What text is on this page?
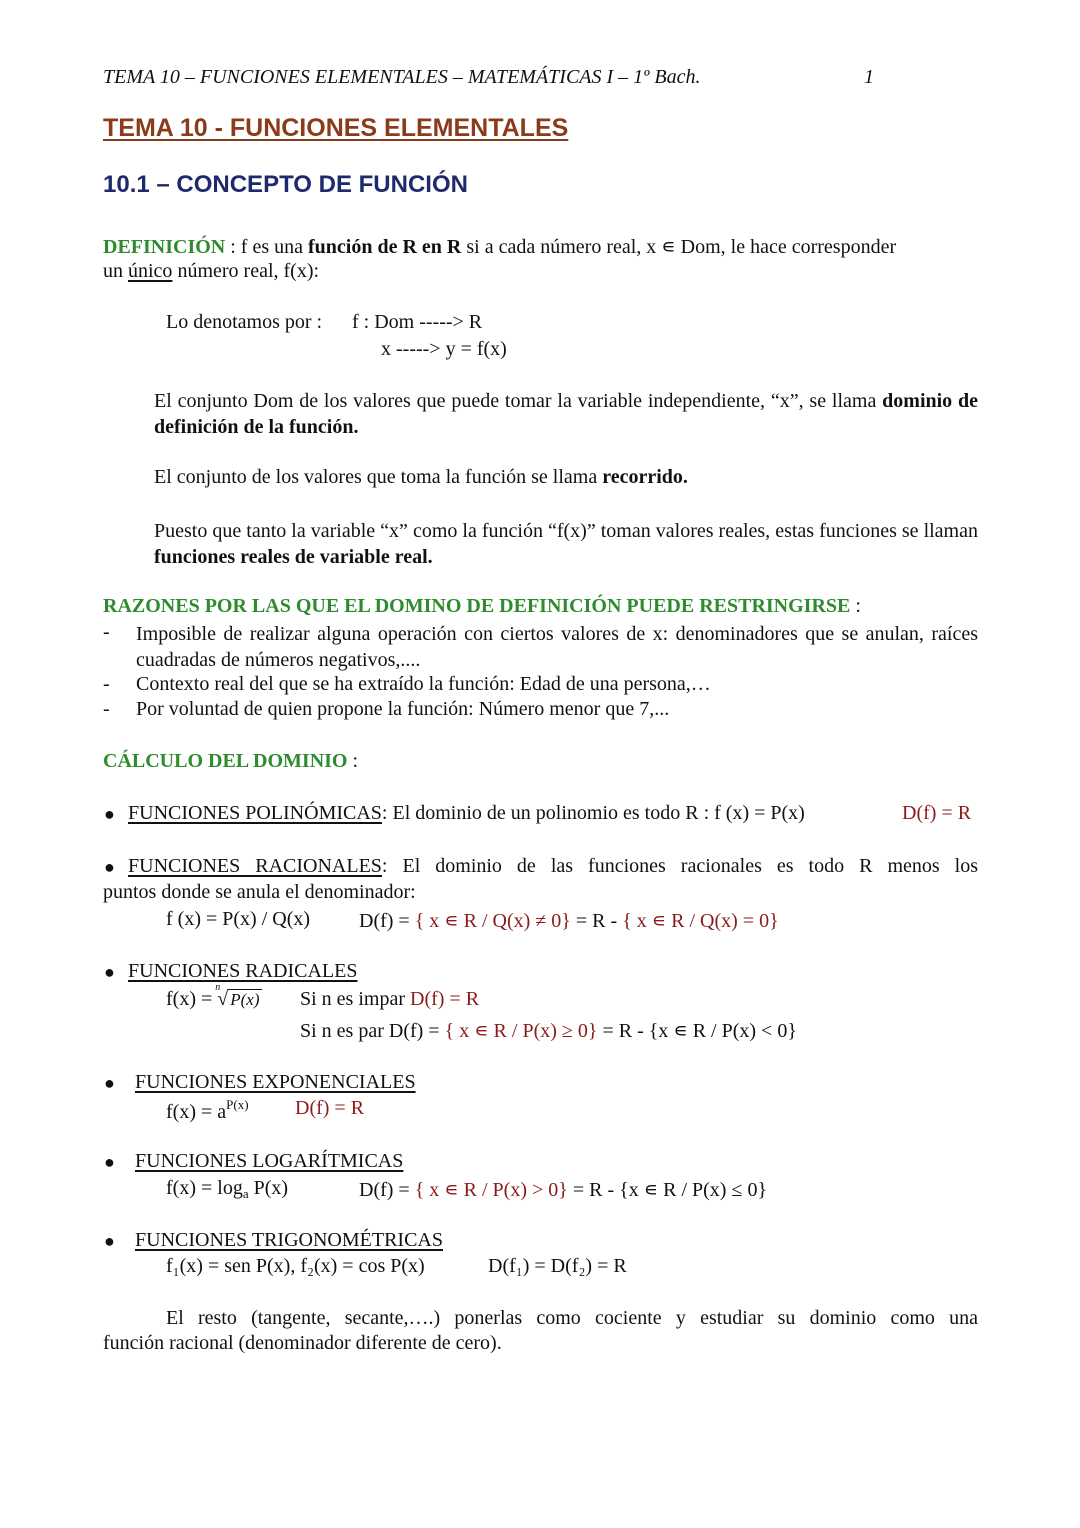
TEMA 10 – FUNCIONES ELEMENTALES – MATEMÁTICAS I – 1º Bach.	1
TEMA 10 - FUNCIONES ELEMENTALES
10.1 – CONCEPTO DE FUNCIÓN
DEFINICIÓN : f es una función de R en R si a cada número real, x ∊ Dom, le hace corresponder
un único número real, f(x):
Lo denotamos por : f : Dom -----> R
x -----> y = f(x)
El conjunto Dom de los valores que puede tomar la variable independiente, “x”, se llama dominio de definición de la función.
El conjunto de los valores que toma la función se llama recorrido.
Puesto que tanto la variable “x” como la función “f(x)” toman valores reales, estas funciones se llaman funciones reales de variable real.
RAZONES POR LAS QUE EL DOMINO DE DEFINICIÓN PUEDE RESTRINGIRSE :
- Imposible de realizar alguna operación con ciertos valores de x: denominadores que se anulan, raíces cuadradas de números negativos,....
- Contexto real del que se ha extraído la función: Edad de una persona,…
- Por voluntad de quien propone la función: Número menor que 7,...
CÁLCULO DEL DOMINIO :
● FUNCIONES POLINÓMICAS: El dominio de un polinomio es todo R : f (x) = P(x)	D(f) = R
● FUNCIONES RACIONALES: El dominio de las funciones racionales es todo R menos los
puntos donde se anula el denominador:
f (x) = P(x) / Q(x) D(f) = { x ∊ R / Q(x) ≠ 0} = R - { x ∊ R / Q(x) = 0}
● FUNCIONES RADICALES
f(x) =
n
√ P(x) Si n es impar D(f) = R
Si n es par D(f) = { x ∊ R / P(x) ≥ 0} = R - {x ∊ R / P(x) < 0}
● FUNCIONES EXPONENCIALES
$f(x) = a^{P(x)}$ D(f) = R
● FUNCIONES LOGARÍTMICAS
$f(x) = \log_a P(x)$	D(f) = { x ∊ R / P(x) > 0} = R - {x ∊ R / P(x) ≤ 0}
● FUNCIONES TRIGONOMÉTRICAS
f₁(x) = sen P(x), f₂(x) = cos P(x)	D(f₁) = D(f₂) = R
El resto (tangente, secante,….) ponerlas como cociente y estudiar su dominio como una
función racional (denominador diferente de cero).
